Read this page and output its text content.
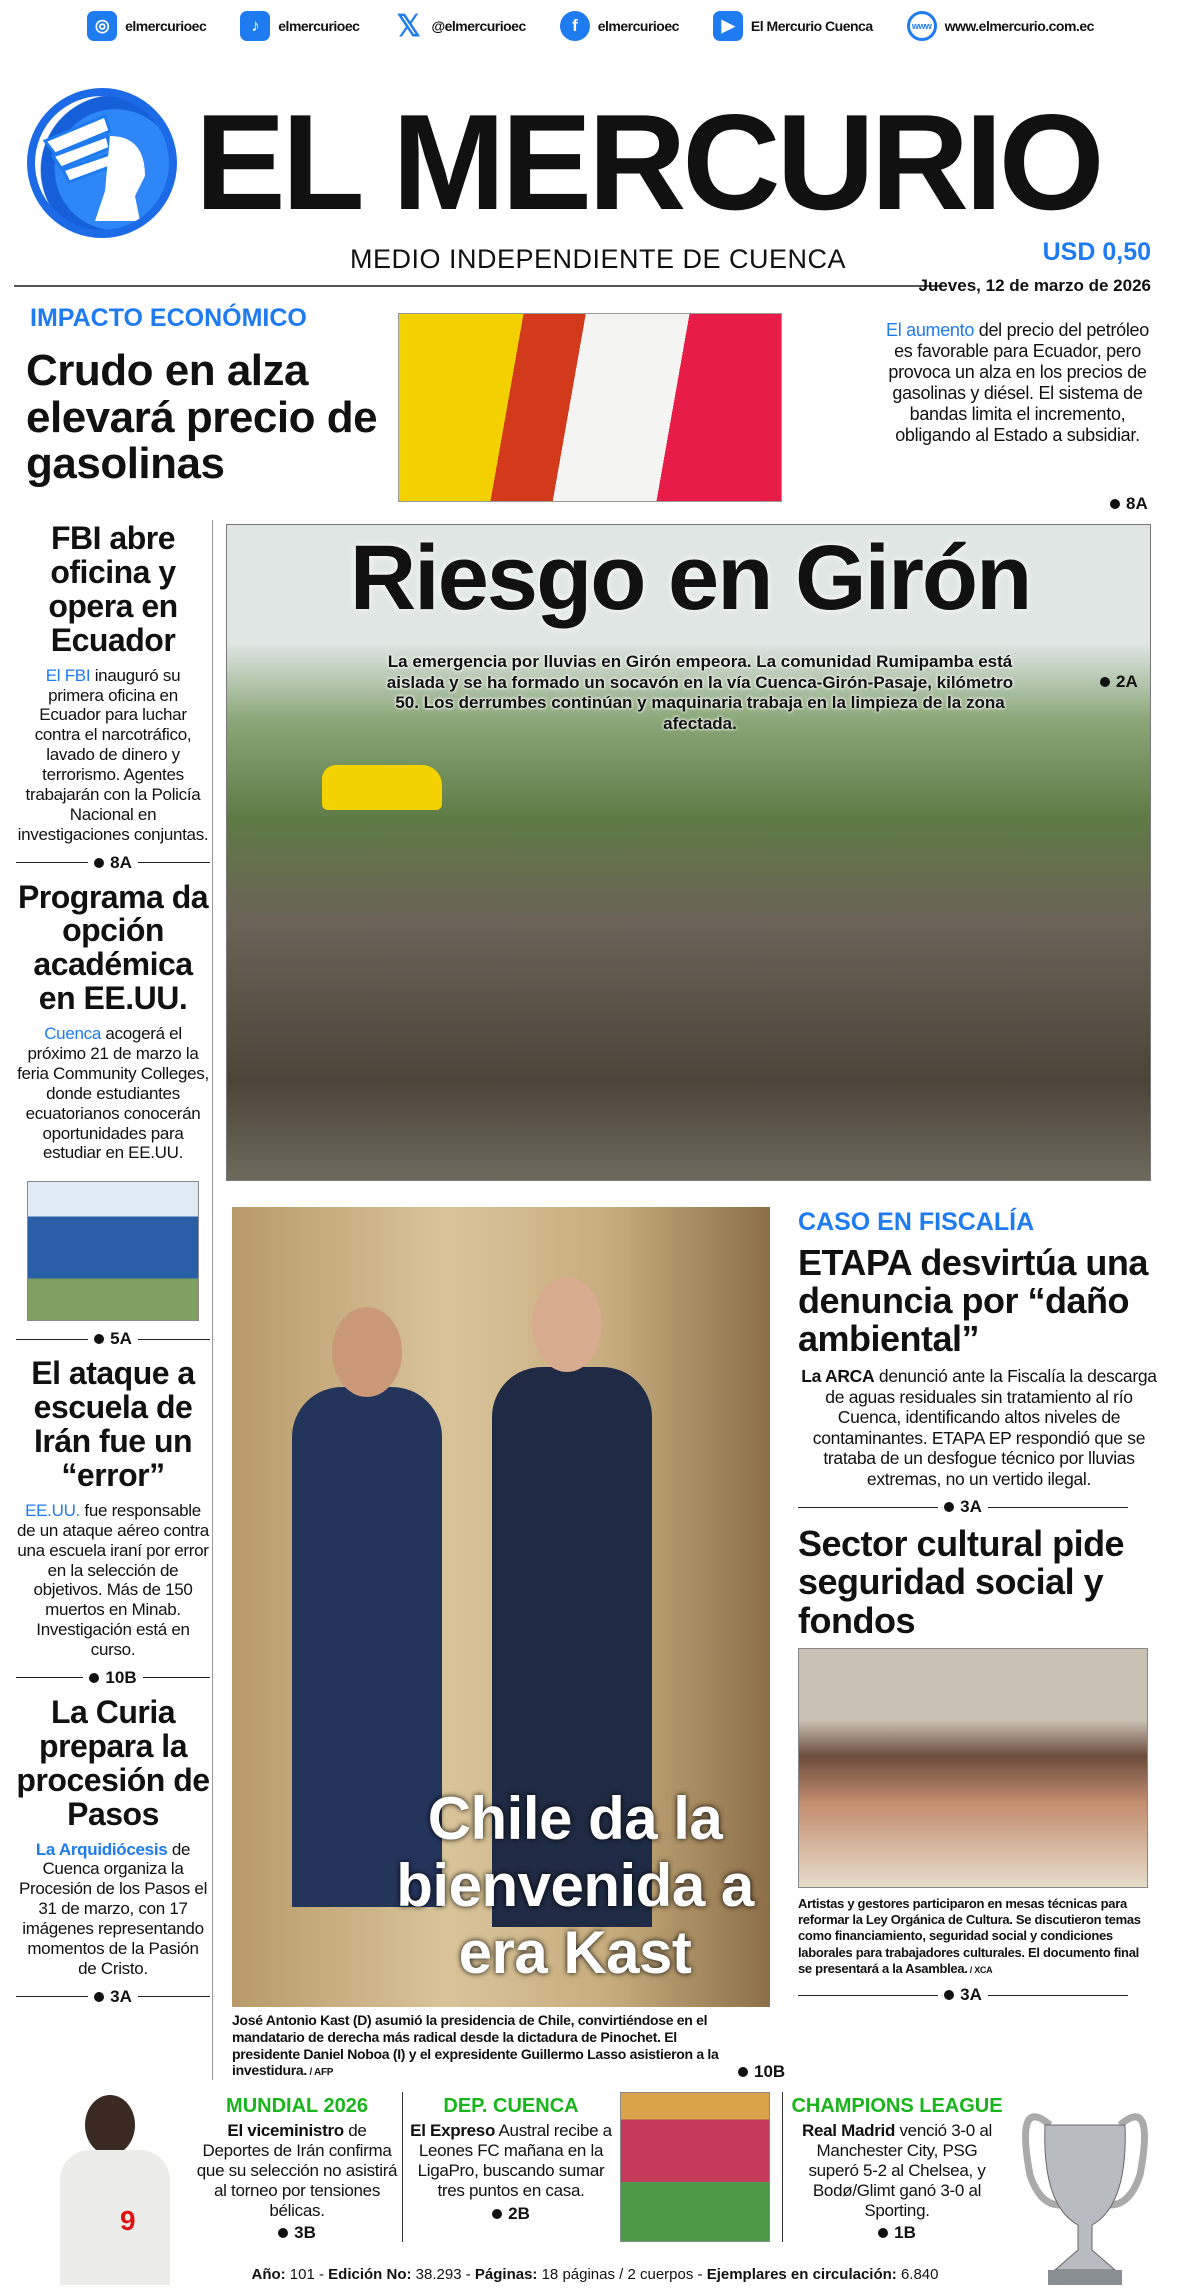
◎	elmercurioec	♪	elmercurioec 𝕏 @elmercurioec	f	elmercurioec	▶	El Mercurio Cuenca	www www.elmercurio.com.ec
EL MERCURIO
MEDIO INDEPENDIENTE DE CUENCA	USD 0,50
Jueves, 12 de marzo de 2026
IMPACTO ECONÓMICO
Crudo en alza elevará precio de gasolinas
El aumento del precio del petróleo es favorable para Ecuador, pero provoca un alza en los precios de gasolinas y diésel. El sistema de bandas limita el incremento, obligando al Estado a subsidiar.
8A
Riesgo en Girón
La emergencia por lluvias en Girón empeora. La comunidad Rumipamba está aislada y se ha formado un socavón en la vía Cuenca-Girón-Pasaje, kilómetro 50. Los derrumbes continúan y maquinaria trabaja en la limpieza de la zona afectada.
2A
FBI abre oficina y opera en Ecuador
El FBI inauguró su primera oficina en Ecuador para luchar contra el narcotráfico, lavado de dinero y terrorismo. Agentes trabajarán con la Policía Nacional en investigaciones conjuntas.
8A
Programa da opción académica en EE.UU.
Cuenca acogerá el próximo 21 de marzo la feria Community Colleges, donde estudiantes ecuatorianos conocerán oportunidades para estudiar en EE.UU.
5A
El ataque a escuela de Irán fue un “error”
EE.UU. fue responsable de un ataque aéreo contra una escuela iraní por error en la selección de objetivos. Más de 150 muertos en Minab. Investigación está en curso.
10B
La Curia prepara la procesión de Pasos
La Arquidiócesis de Cuenca organiza la Procesión de los Pasos el 31 de marzo, con 17 imágenes representando momentos de la Pasión de Cristo.
3A
Chile da la bienvenida a era Kast
José Antonio Kast (D) asumió la presidencia de Chile, convirtiéndose en el mandatario de derecha más radical desde la dictadura de Pinochet. El presidente Daniel Noboa (I) y el expresidente Guillermo Lasso asistieron a la investidura. / AFP	10B
CASO EN FISCALÍA
ETAPA desvirtúa una denuncia por “daño ambiental”
La ARCA denunció ante la Fiscalía la descarga de aguas residuales sin tratamiento al río Cuenca, identificando altos niveles de contaminantes. ETAPA EP respondió que se trataba de un desfogue técnico por lluvias extremas, no un vertido ilegal.
3A
Sector cultural pide seguridad social y fondos
Artistas y gestores participaron en mesas técnicas para reformar la Ley Orgánica de Cultura. Se discutieron temas como financiamiento, seguridad social y condiciones laborales para trabajadores culturales. El documento final se presentará a la Asamblea. / XCA
3A
9
MUNDIAL 2026
El viceministro de Deportes de Irán confirma que su selección no asistirá al torneo por tensiones bélicas.
3B
DEP. CUENCA
El Expreso Austral recibe a Leones FC mañana en la LigaPro, buscando sumar tres puntos en casa.
2B
CHAMPIONS LEAGUE
Real Madrid venció 3-0 al Manchester City, PSG superó 5-2 al Chelsea, y Bodø/Glimt ganó 3-0 al Sporting.
1B
Año: 101 - Edición No: 38.293 - Páginas: 18 páginas / 2 cuerpos - Ejemplares en circulación: 6.840
